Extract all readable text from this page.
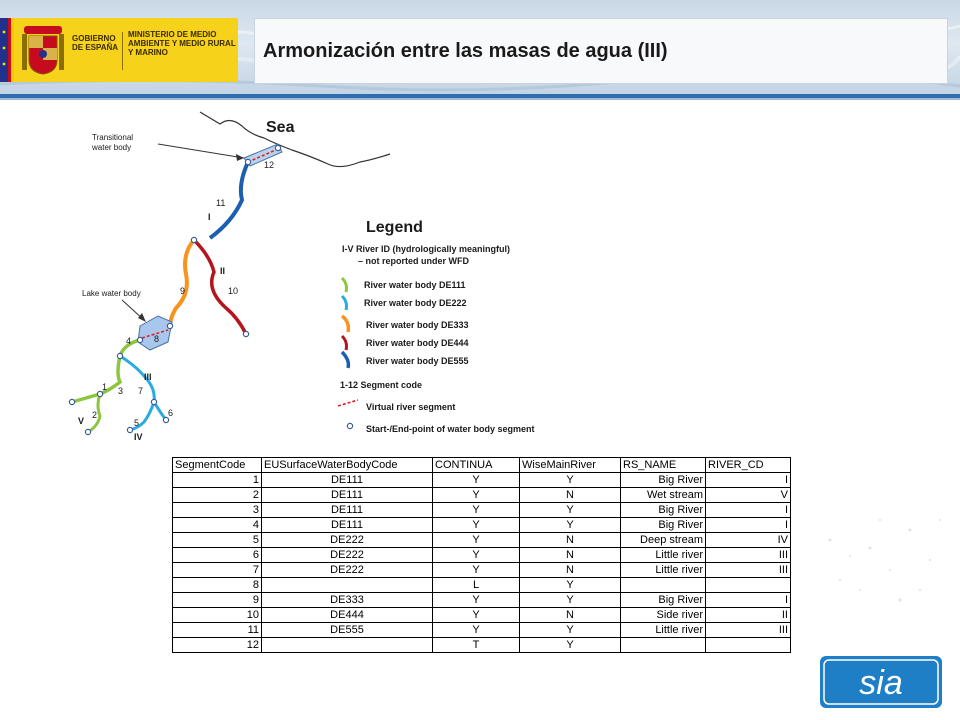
GOBIERNO DE ESPAÑA
MINISTERIO DE MEDIO AMBIENTE Y MEDIO RURAL Y MARINO	Armonización entre las masas de agua (III)
Sea
Transitional
water body
Lake water body
1
2
3
4
5
6
7
8
9	10
11
12
I
II
III
IV
V
Legend
I-V River ID (hydrologically meaningful)
– not reported under WFD
River water body DE111
River water body DE222
River water body DE333
River water body DE444
River water body DE555
1-12 Segment code
Virtual river segment
Start-/End-point of water body segment
SegmentCode	EUSurfaceWaterBodyCode	CONTINUA	WiseMainRiver	RS_NAME	RIVER_CD
1	DE111	Y	Y	Big River	I
2	DE111	Y	N	Wet stream	V
3	DE111	Y	Y	Big River	I
4	DE111	Y	Y	Big River	I
5	DE222	Y	N	Deep stream	IV
6	DE222	Y	N	Little river	III
7	DE222	Y	N	Little river	III
8		L	Y		
9	DE333	Y	Y	Big River	I
10	DE444	Y	N	Side river	II
11	DE555	Y	Y	Little river	III
12		T	Y		
sia
